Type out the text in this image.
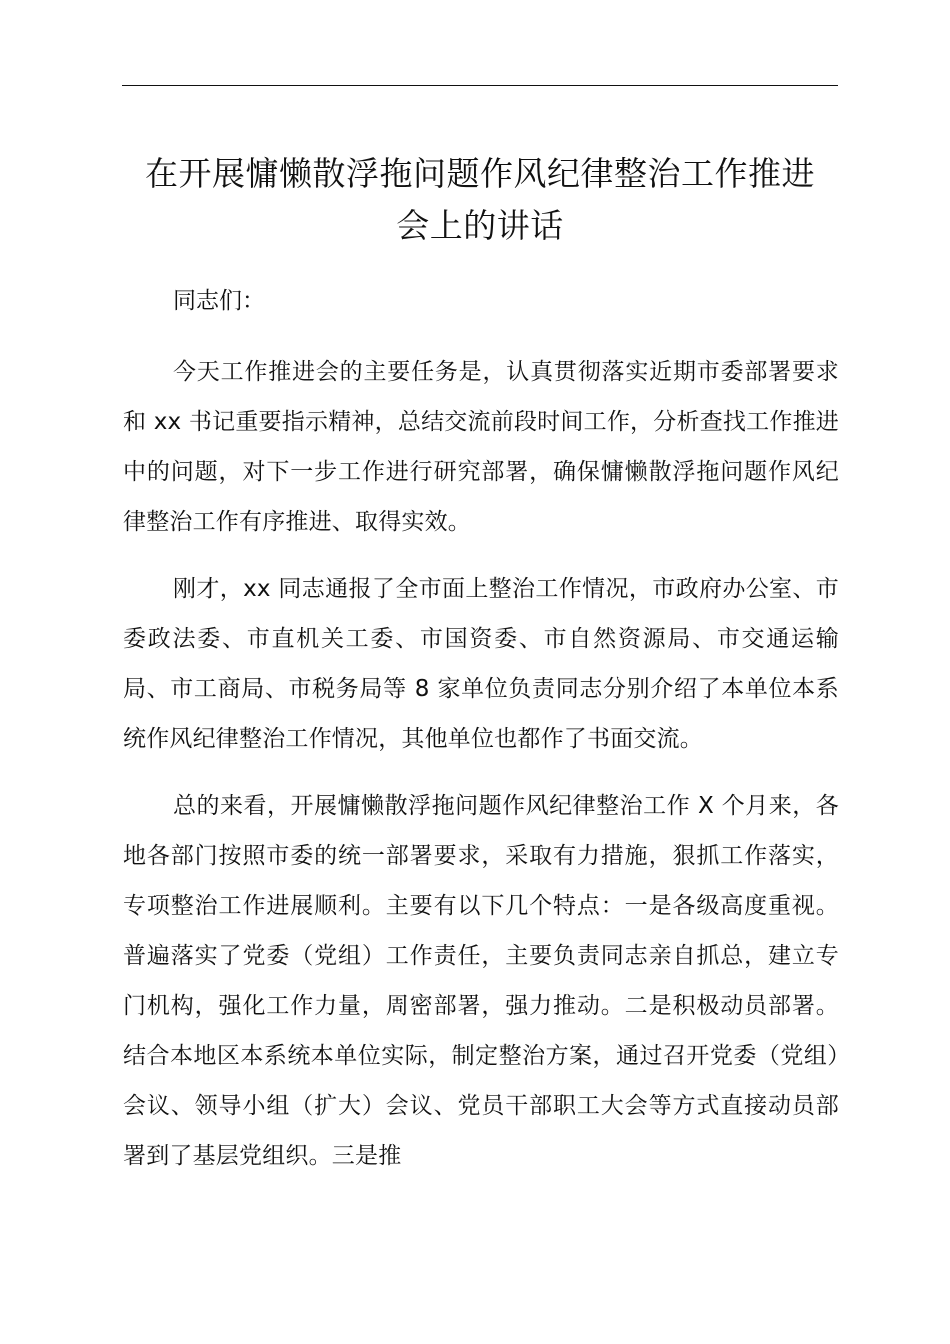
在开展慵懒散浮拖问题作风纪律整治工作推进
会上的讲话

同志们：

今天工作推进会的主要任务是，认真贯彻落实近期市委部署要求和 xx 书记重要指示精神，总结交流前段时间工作，分析查找工作推进中的问题，对下一步工作进行研究部署，确保慵懒散浮拖问题作风纪律整治工作有序推进、取得实效。

刚才，xx 同志通报了全市面上整治工作情况，市政府办公室、市委政法委、市直机关工委、市国资委、市自然资源局、市交通运输局、市工商局、市税务局等 8 家单位负责同志分别介绍了本单位本系统作风纪律整治工作情况，其他单位也都作了书面交流。

总的来看，开展慵懒散浮拖问题作风纪律整治工作 X 个月来，各地各部门按照市委的统一部署要求，采取有力措施，狠抓工作落实，专项整治工作进展顺利。主要有以下几个特点：一是各级高度重视。普遍落实了党委（党组）工作责任，主要负责同志亲自抓总，建立专门机构，强化工作力量，周密部署，强力推动。二是积极动员部署。结合本地区本系统本单位实际，制定整治方案，通过召开党委（党组）会议、领导小组（扩大）会议、党员干部职工大会等方式直接动员部署到了基层党组织。三是推
